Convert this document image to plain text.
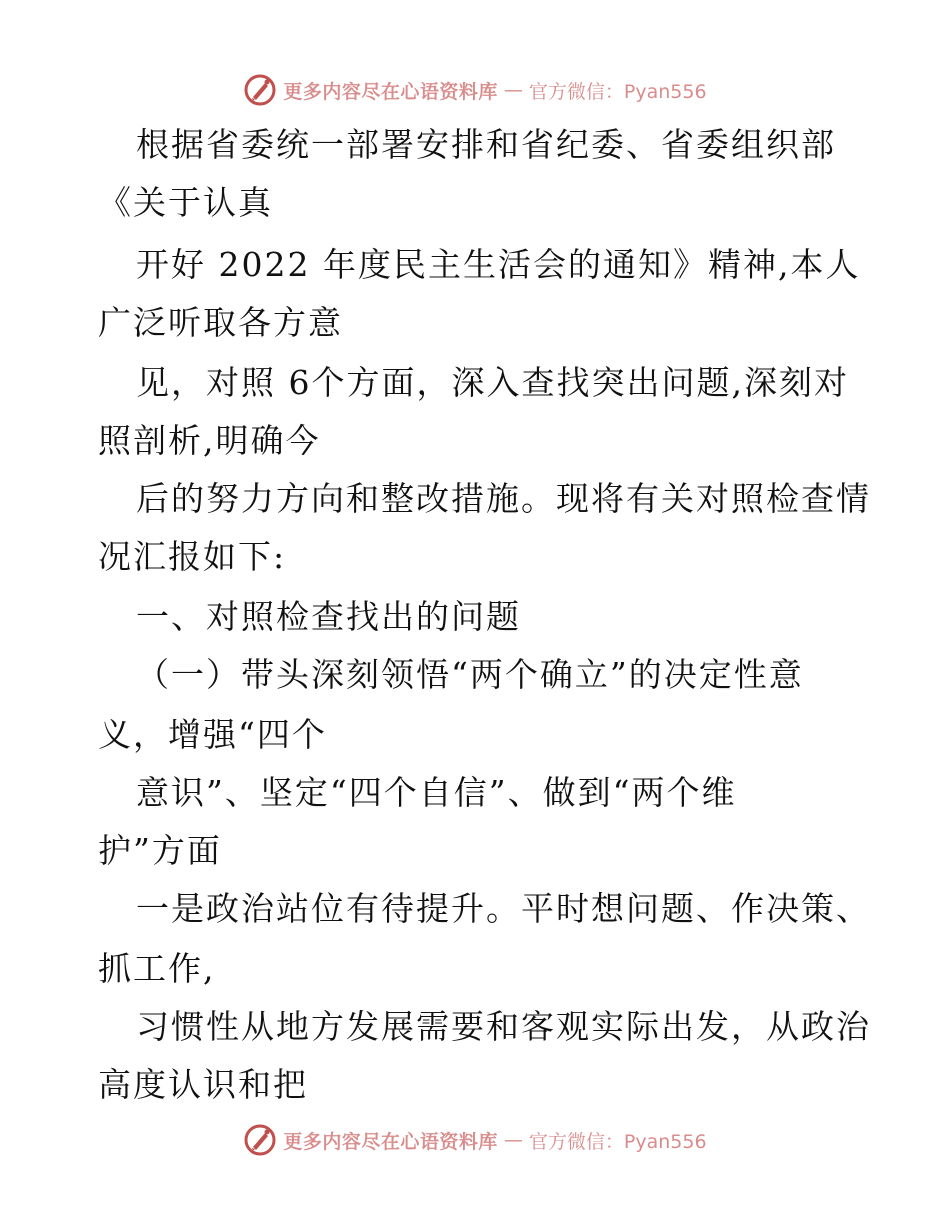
更多内容尽在心语资料库 — 官方微信：Pyan556
根据省委统一部署安排和省纪委、省委组织部
《关于认真
开好 2022 年度民主生活会的通知》精神,本人
广泛听取各方意
见，对照 6个方面，深入查找突出问题,深刻对
照剖析,明确今
后的努力方向和整改措施。现将有关对照检查情
况汇报如下:
一、对照检查找出的问题
（一）带头深刻领悟“两个确立”的决定性意
义，增强“四个
意识”、坚定“四个自信”、做到“两个维
护”方面
一是政治站位有待提升。平时想问题、作决策、
抓工作,
习惯性从地方发展需要和客观实际出发，从政治
高度认识和把
更多内容尽在心语资料库 — 官方微信：Pyan556
